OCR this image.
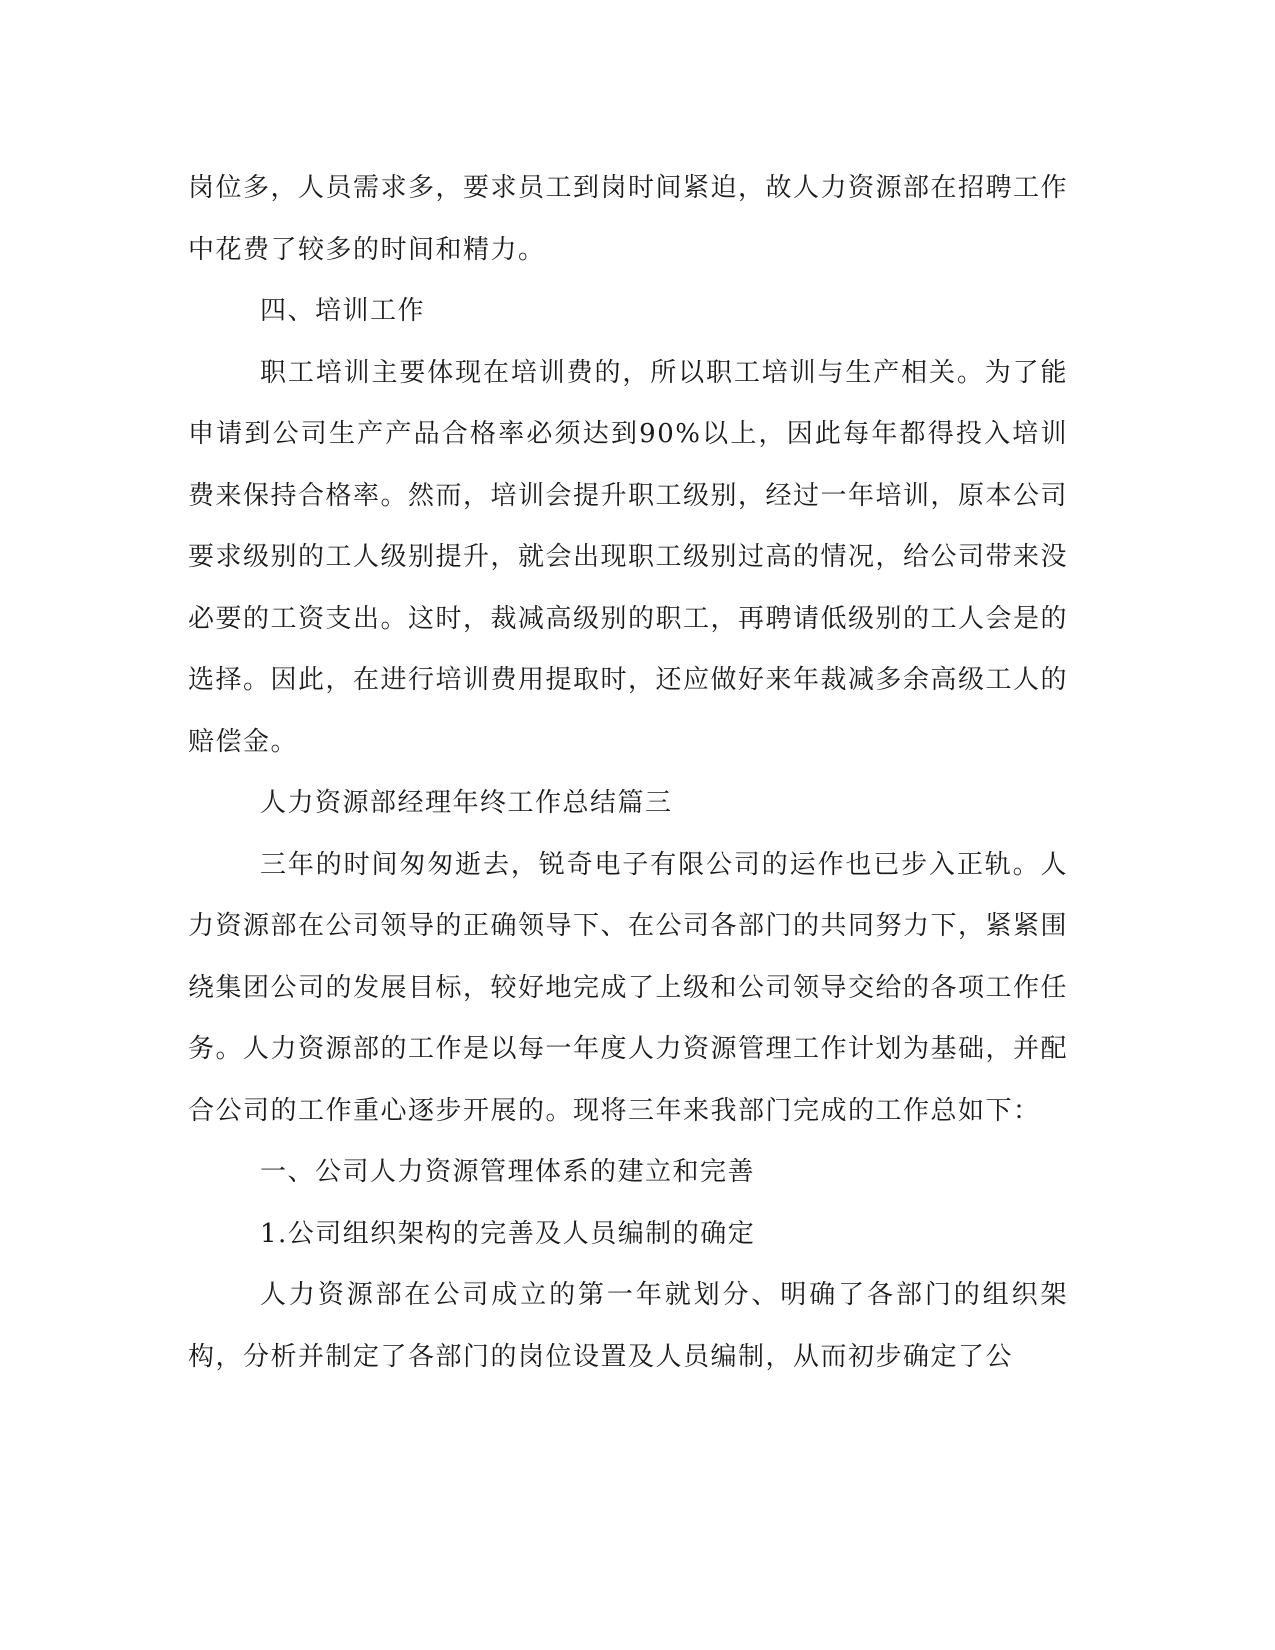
岗位多，人员需求多，要求员工到岗时间紧迫，故人力资源部在招聘工作中花费了较多的时间和精力。

四、培训工作

职工培训主要体现在培训费的，所以职工培训与生产相关。为了能申请到公司生产产品合格率必须达到90%以上，因此每年都得投入培训费来保持合格率。然而，培训会提升职工级别，经过一年培训，原本公司要求级别的工人级别提升，就会出现职工级别过高的情况，给公司带来没必要的工资支出。这时，裁减高级别的职工，再聘请低级别的工人会是的选择。因此，在进行培训费用提取时，还应做好来年裁减多余高级工人的赔偿金。

人力资源部经理年终工作总结篇三

三年的时间匆匆逝去，锐奇电子有限公司的运作也已步入正轨。人力资源部在公司领导的正确领导下、在公司各部门的共同努力下，紧紧围绕集团公司的发展目标，较好地完成了上级和公司领导交给的各项工作任务。人力资源部的工作是以每一年度人力资源管理工作计划为基础，并配合公司的工作重心逐步开展的。现将三年来我部门完成的工作总如下：

一、公司人力资源管理体系的建立和完善

1.公司组织架构的完善及人员编制的确定

人力资源部在公司成立的第一年就划分、明确了各部门的组织架构，分析并制定了各部门的岗位设置及人员编制，从而初步确定了公
